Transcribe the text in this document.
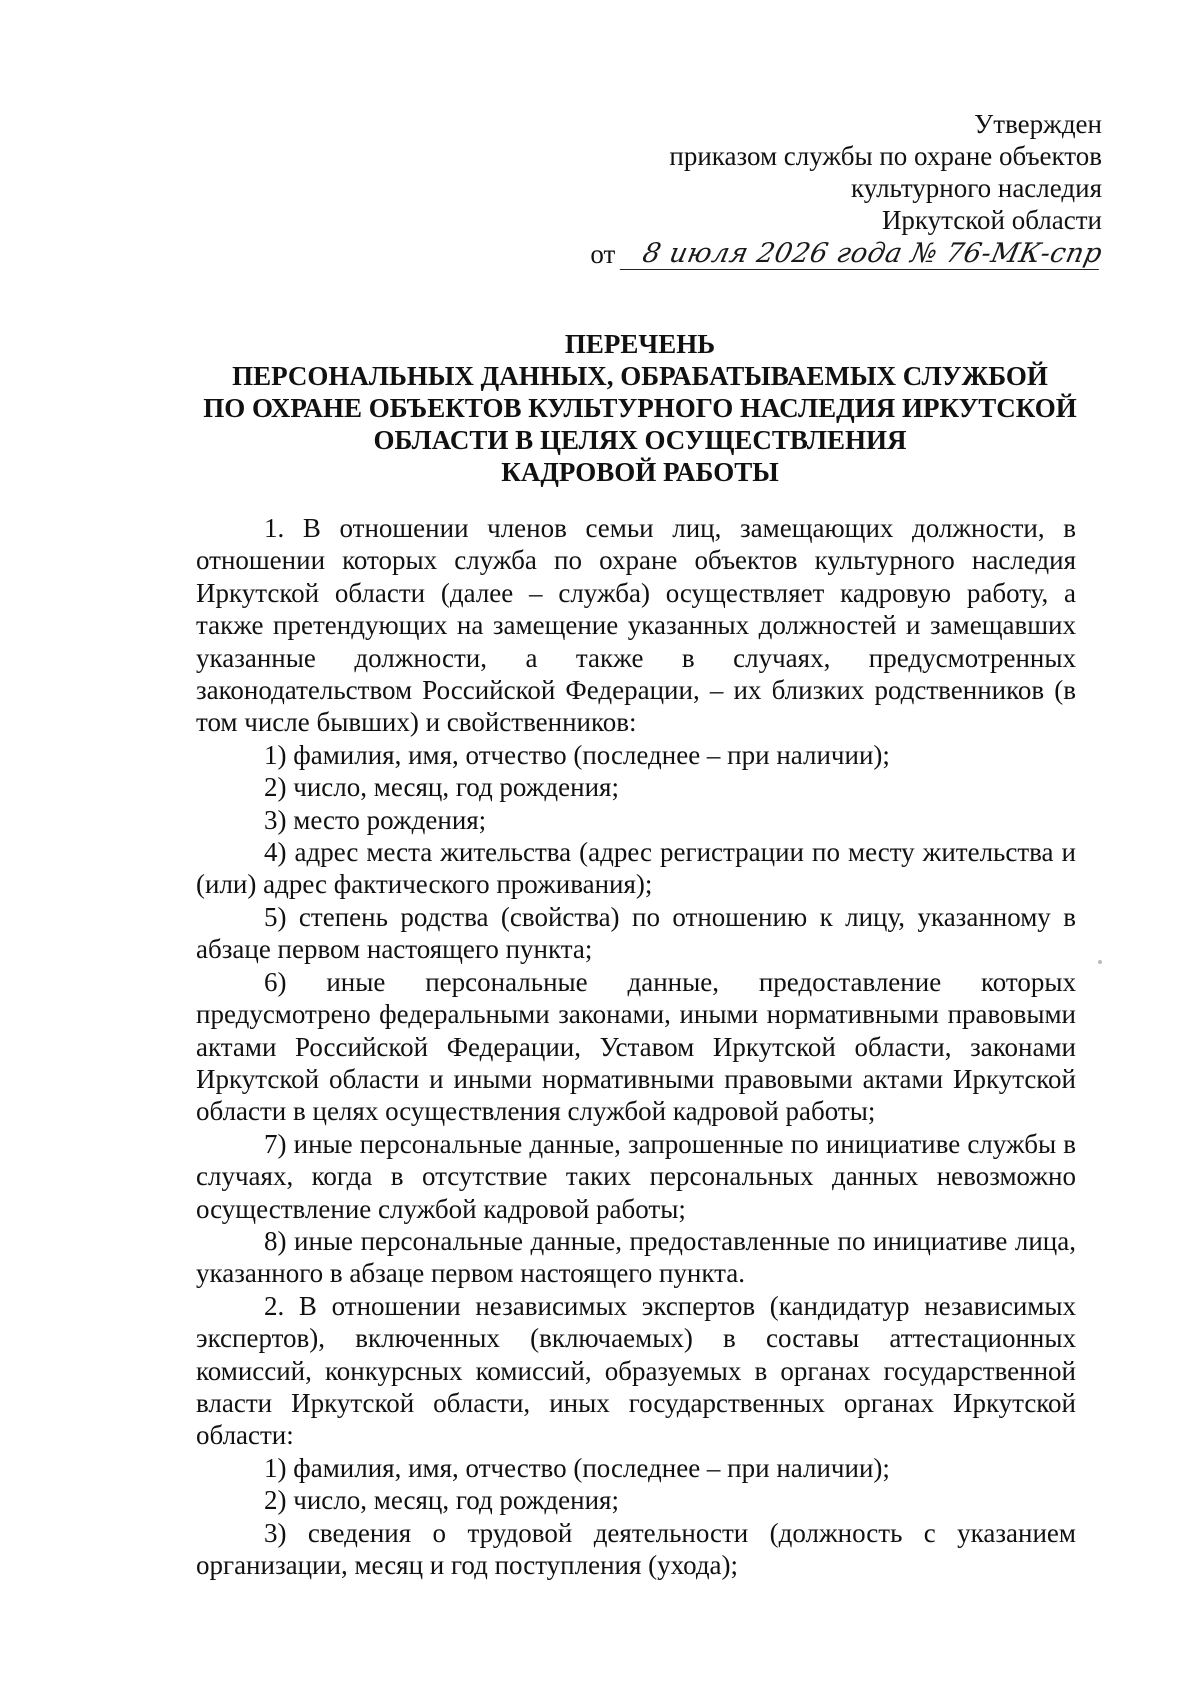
Утвержден
приказом службы по охране объектов
культурного наследия
Иркутской области
от 8 июля 2026 года № 76-МК-спр
ПЕРЕЧЕНЬ
ПЕРСОНАЛЬНЫХ ДАННЫХ, ОБРАБАТЫВАЕМЫХ СЛУЖБОЙ
ПО ОХРАНЕ ОБЪЕКТОВ КУЛЬТУРНОГО НАСЛЕДИЯ ИРКУТСКОЙ
ОБЛАСТИ В ЦЕЛЯХ ОСУЩЕСТВЛЕНИЯ
КАДРОВОЙ РАБОТЫ

1. В отношении членов семьи лиц, замещающих должности, в отношении которых служба по охране объектов культурного наследия Иркутской области (далее – служба) осуществляет кадровую работу, а также претендующих на замещение указанных должностей и замещавших указанные должности, а также в случаях, предусмотренных законодательством Российской Федерации, – их близких родственников (в том числе бывших) и свойственников:

1) фамилия, имя, отчество (последнее – при наличии);

2) число, месяц, год рождения;

3) место рождения;

4) адрес места жительства (адрес регистрации по месту жительства и (или) адрес фактического проживания);

5) степень родства (свойства) по отношению к лицу, указанному в абзаце первом настоящего пункта;

6) иные персональные данные, предоставление которых предусмотрено федеральными законами, иными нормативными правовыми актами Российской Федерации, Уставом Иркутской области, законами Иркутской области и иными нормативными правовыми актами Иркутской области в целях осуществления службой кадровой работы;

7) иные персональные данные, запрошенные по инициативе службы в случаях, когда в отсутствие таких персональных данных невозможно осуществление службой кадровой работы;

8) иные персональные данные, предоставленные по инициативе лица, указанного в абзаце первом настоящего пункта.

2. В отношении независимых экспертов (кандидатур независимых экспертов), включенных (включаемых) в составы аттестационных комиссий, конкурсных комиссий, образуемых в органах государственной власти Иркутской области, иных государственных органах Иркутской области:

1) фамилия, имя, отчество (последнее – при наличии);

2) число, месяц, год рождения;

3) сведения о трудовой деятельности (должность с указанием организации, месяц и год поступления (ухода);
